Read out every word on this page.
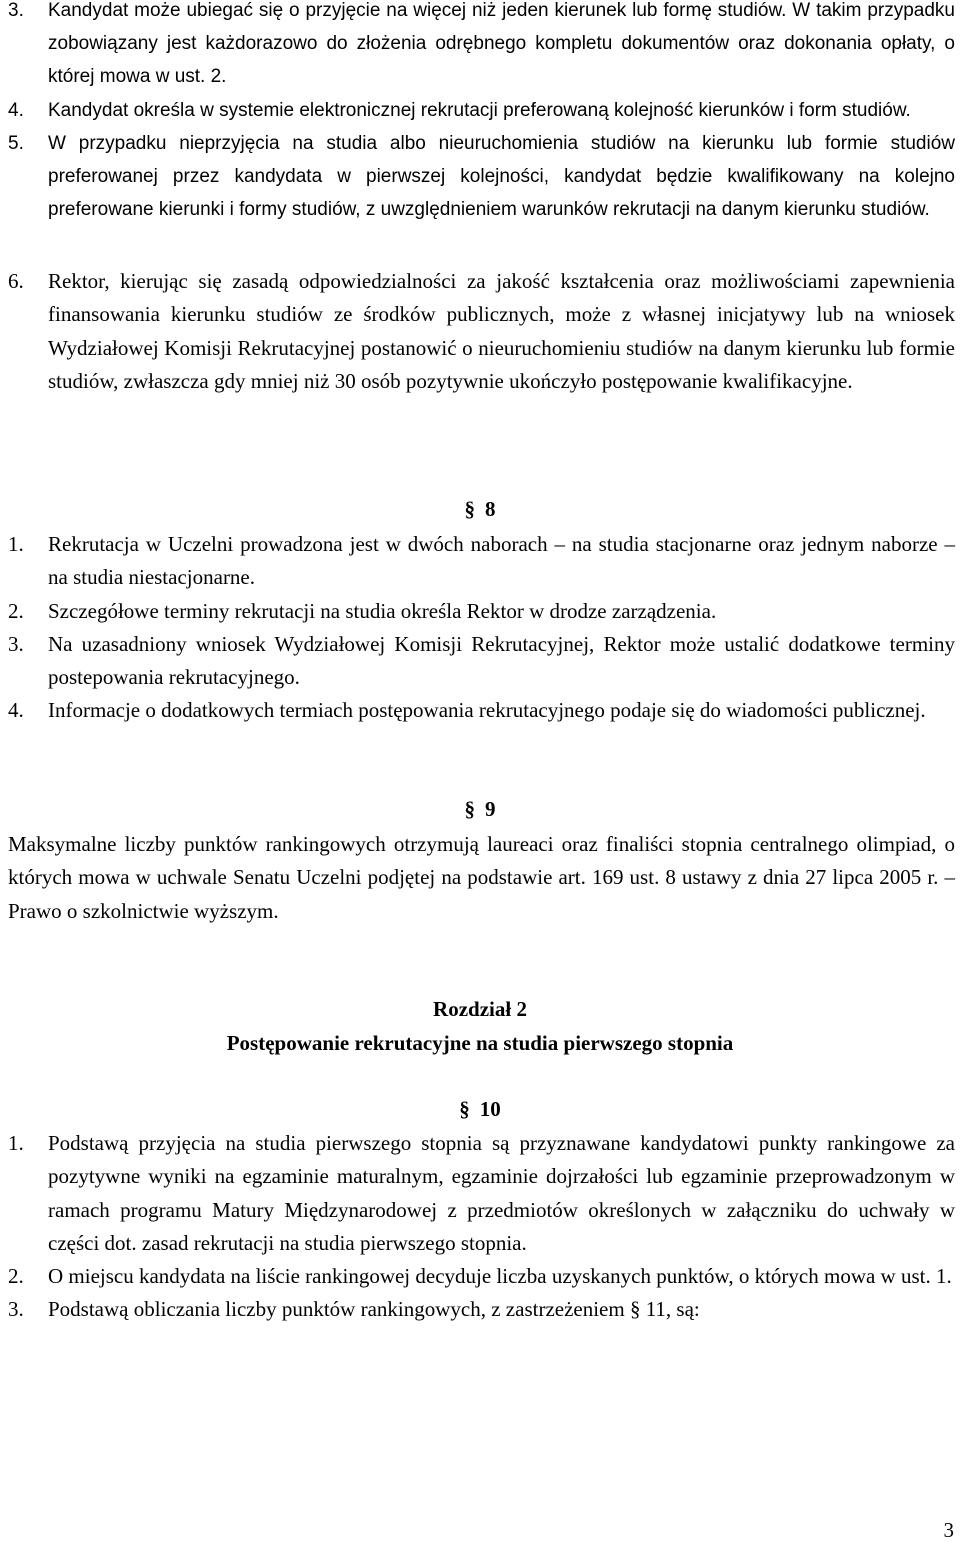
3.	Kandydat może ubiegać się o przyjęcie na więcej niż jeden kierunek lub formę studiów. W takim przypadku zobowiązany jest każdorazowo do złożenia odrębnego kompletu dokumentów oraz dokonania opłaty, o której mowa w ust. 2.
4.	Kandydat określa w systemie elektronicznej rekrutacji preferowaną kolejność kierunków i form studiów.
5.	W przypadku nieprzyjęcia na studia albo nieuruchomienia studiów na kierunku lub formie studiów preferowanej przez kandydata w pierwszej kolejności, kandydat będzie kwalifikowany na kolejno preferowane kierunki i formy studiów, z uwzględnieniem warunków rekrutacji na danym kierunku studiów.
6.	Rektor, kierując się zasadą odpowiedzialności za jakość kształcenia oraz możliwościami zapewnienia finansowania kierunku studiów ze środków publicznych, może z własnej inicjatywy lub na wniosek Wydziałowej Komisji Rekrutacyjnej postanowić o nieuruchomieniu studiów na danym kierunku lub formie studiów, zwłaszcza gdy mniej niż 30 osób pozytywnie ukończyło postępowanie kwalifikacyjne.
§ 8
1.	Rekrutacja w Uczelni prowadzona jest w dwóch naborach – na studia stacjonarne oraz jednym naborze – na studia niestacjonarne.
2.	Szczegółowe terminy rekrutacji na studia określa Rektor w drodze zarządzenia.
3.	Na uzasadniony wniosek Wydziałowej Komisji Rekrutacyjnej, Rektor może ustalić dodatkowe terminy postepowania rekrutacyjnego.
4.	Informacje o dodatkowych termiach postępowania rekrutacyjnego podaje się do wiadomości publicznej.
§ 9

Maksymalne liczby punktów rankingowych otrzymują laureaci oraz finaliści stopnia centralnego olimpiad, o których mowa w uchwale Senatu Uczelni podjętej na podstawie art. 169 ust. 8 ustawy z dnia 27 lipca 2005 r. – Prawo o szkolnictwie wyższym.

Rozdział 2
Postępowanie rekrutacyjne na studia pierwszego stopnia
§ 10
1.	Podstawą przyjęcia na studia pierwszego stopnia są przyznawane kandydatowi punkty rankingowe za pozytywne wyniki na egzaminie maturalnym, egzaminie dojrzałości lub egzaminie przeprowadzonym w ramach programu Matury Międzynarodowej z przedmiotów określonych w załączniku do uchwały w części dot. zasad rekrutacji na studia pierwszego stopnia.
2.	O miejscu kandydata na liście rankingowej decyduje liczba uzyskanych punktów, o których mowa w ust. 1.
3.	Podstawą obliczania liczby punktów rankingowych, z zastrzeżeniem § 11, są:
3
